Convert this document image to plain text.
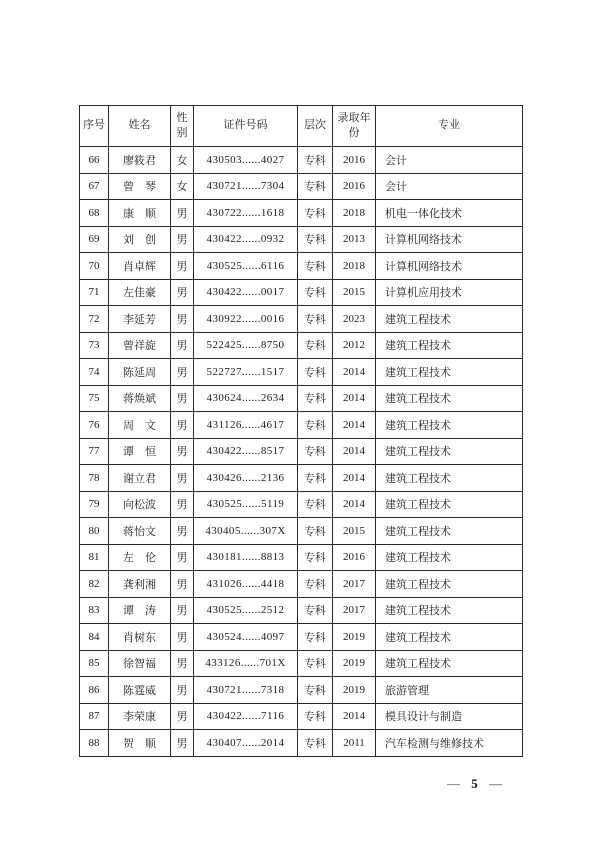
序号	姓名	性别	证件号码	层次	录取年份	专业
66	廖筱君	女	430503......4027	专科	2016	会计
67	曾　琴	女	430721......7304	专科	2016	会计
68	康　顺	男	430722......1618	专科	2018	机电一体化技术
69	刘　创	男	430422......0932	专科	2013	计算机网络技术
70	肖卓辉	男	430525......6116	专科	2018	计算机网络技术
71	左佳豪	男	430422......0017	专科	2015	计算机应用技术
72	李延芳	男	430922......0016	专科	2023	建筑工程技术
73	曾祥旋	男	522425......8750	专科	2012	建筑工程技术
74	陈延周	男	522727......1517	专科	2014	建筑工程技术
75	蒋焕斌	男	430624......2634	专科	2014	建筑工程技术
76	周　文	男	431126......4617	专科	2014	建筑工程技术
77	谭　恒	男	430422......8517	专科	2014	建筑工程技术
78	谢立君	男	430426......2136	专科	2014	建筑工程技术
79	向松波	男	430525......5119	专科	2014	建筑工程技术
80	蒋怡文	男	430405......307X	专科	2015	建筑工程技术
81	左　伦	男	430181......8813	专科	2016	建筑工程技术
82	龚利湘	男	431026......4418	专科	2017	建筑工程技术
83	谭　涛	男	430525......2512	专科	2017	建筑工程技术
84	肖树东	男	430524......4097	专科	2019	建筑工程技术
85	徐智福	男	433126......701X	专科	2019	建筑工程技术
86	陈霆威	男	430721......7318	专科	2019	旅游管理
87	李荣康	男	430422......7116	专科	2014	模具设计与制造
88	贺　顺	男	430407......2014	专科	2011	汽车检测与维修技术
— 5 —
